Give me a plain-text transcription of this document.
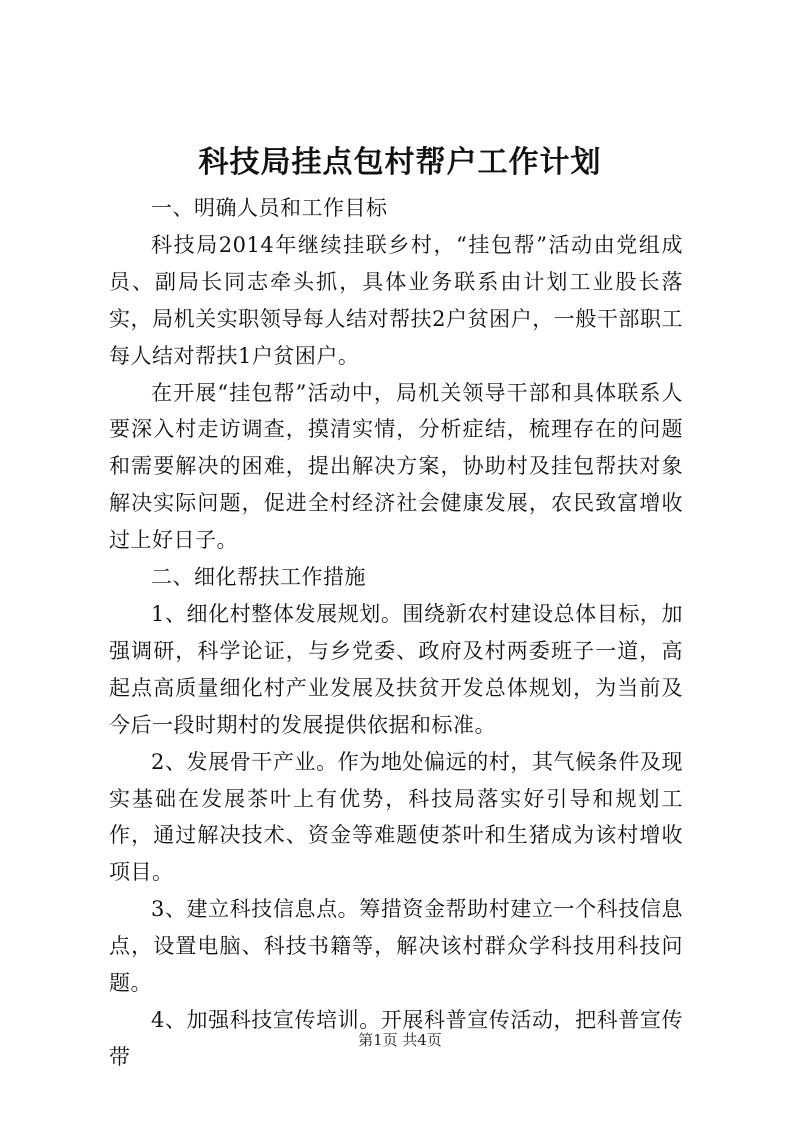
科技局挂点包村帮户工作计划

一、明确人员和工作目标

科技局2014年继续挂联乡村，“挂包帮”活动由党组成员、副局长同志牵头抓，具体业务联系由计划工业股长落实，局机关实职领导每人结对帮扶2户贫困户，一般干部职工每人结对帮扶1户贫困户。

在开展“挂包帮”活动中，局机关领导干部和具体联系人要深入村走访调查，摸清实情，分析症结，梳理存在的问题和需要解决的困难，提出解决方案，协助村及挂包帮扶对象解决实际问题，促进全村经济社会健康发展，农民致富增收过上好日子。

二、细化帮扶工作措施

1、细化村整体发展规划。围绕新农村建设总体目标，加强调研，科学论证，与乡党委、政府及村两委班子一道，高起点高质量细化村产业发展及扶贫开发总体规划，为当前及今后一段时期村的发展提供依据和标准。

2、发展骨干产业。作为地处偏远的村，其气候条件及现实基础在发展茶叶上有优势，科技局落实好引导和规划工作，通过解决技术、资金等难题使茶叶和生猪成为该村增收项目。

3、建立科技信息点。筹措资金帮助村建立一个科技信息点，设置电脑、科技书籍等，解决该村群众学科技用科技问题。

4、加强科技宣传培训。开展科普宣传活动，把科普宣传带

第1页 共4页
